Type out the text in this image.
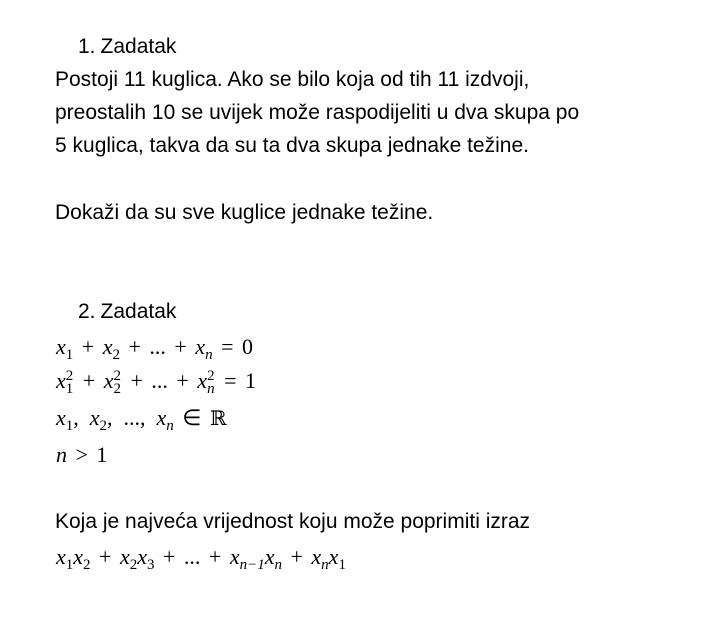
1. Zadatak
Postoji 11 kuglica. Ako se bilo koja od tih 11 izdvoji,
preostalih 10 se uvijek može raspodijeliti u dva skupa po
5 kuglica, takva da su ta dva skupa jednake težine.
Dokaži da su sve kuglice jednake težine.
2. Zadatak
$x_1 + x_2$ + ... + $x_n = 0$
x 2
1 + x 2
2 + ... + x 2
n = 1
$x_1$, $x_2$, ..., $x_n$ ∈ ℝ
n > 1
Koja je najveća vrijednost koju može poprimiti izraz
$x_1x_2 + x_2x_3$ + ... + $x_{n-1}x_n + x_nx_1$
